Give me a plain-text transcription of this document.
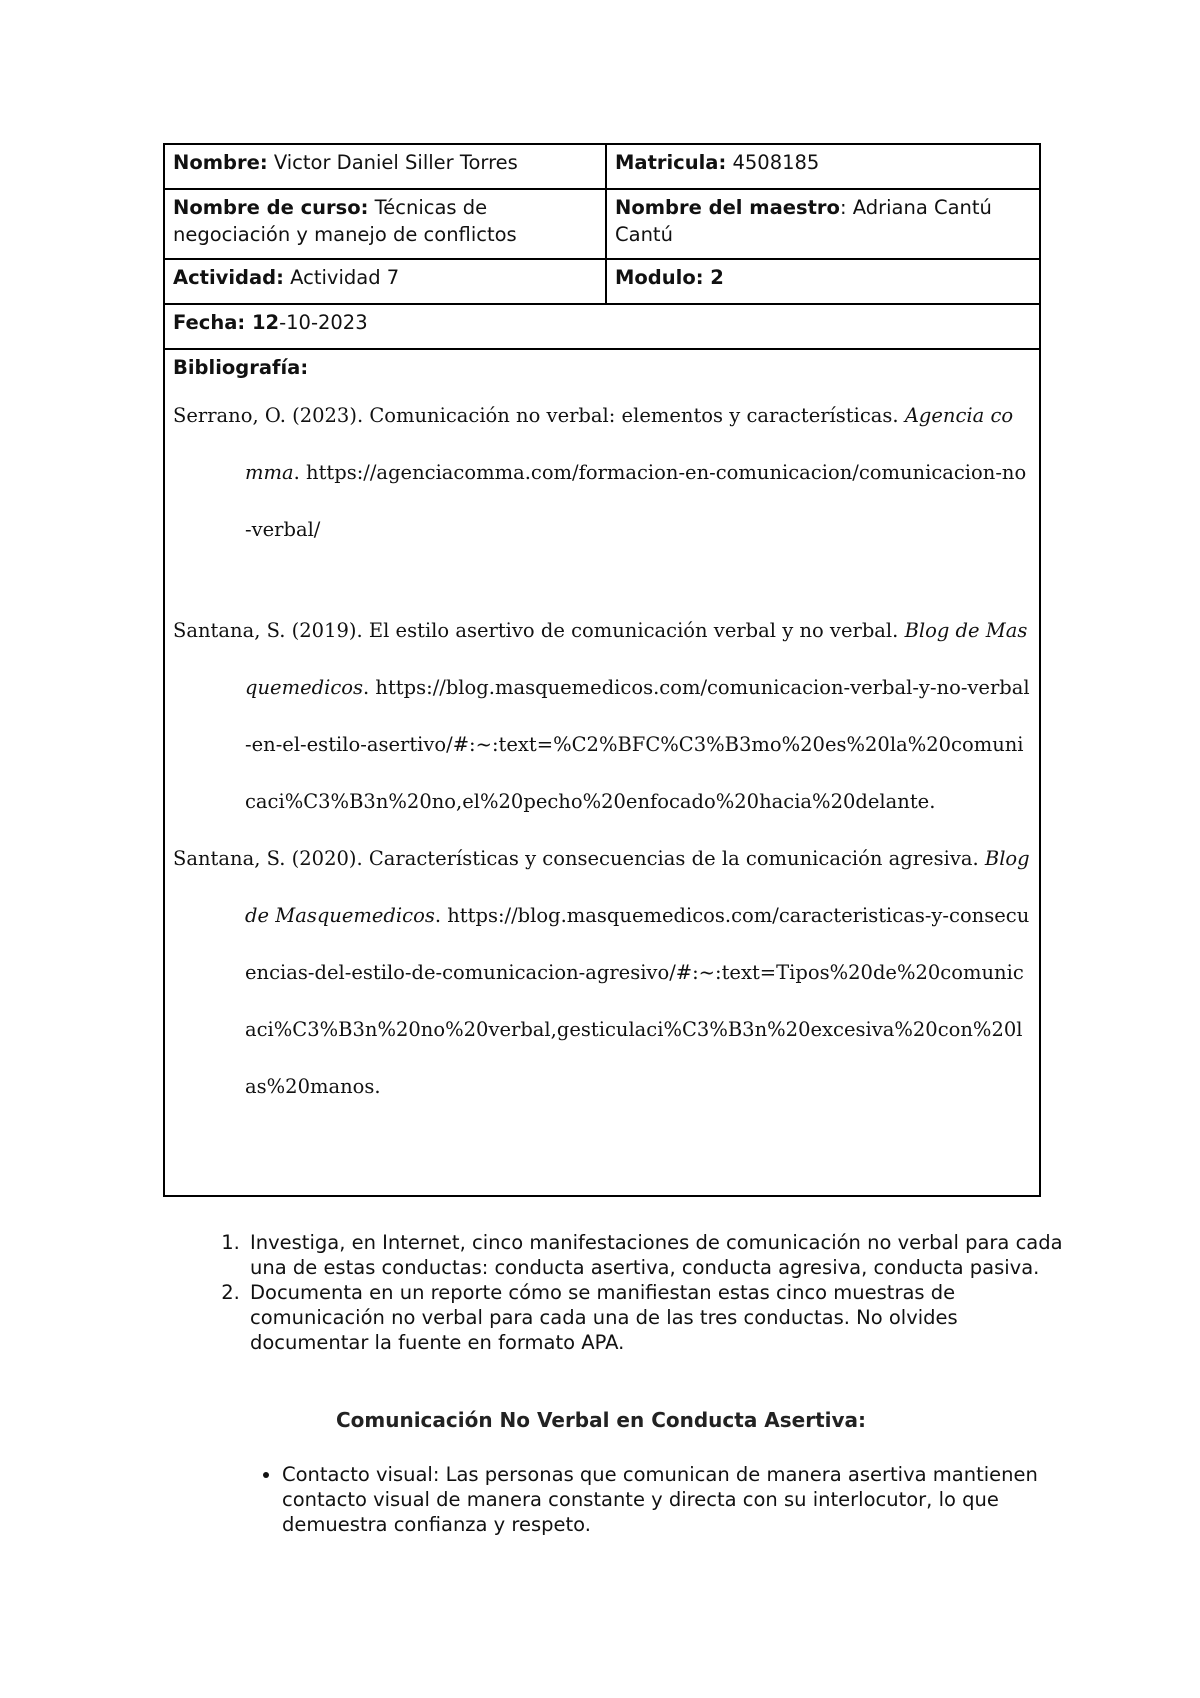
Nombre: Victor Daniel Siller Torres	Matricula: 4508185
Nombre de curso: Técnicas de negociación y manejo de conflictos	Nombre del maestro: Adriana Cantú Cantú
Actividad: Actividad 7	Modulo: 2
Fecha: 12-10-2023	

Bibliografía:

Serrano, O. (2023). Comunicación no verbal: elementos y características. Agencia comma. https://agenciacomma.com/formacion-en-comunicacion/comunicacion-no-verbal/

Santana, S. (2019). El estilo asertivo de comunicación verbal y no verbal. Blog de Masquemedicos. https://blog.masquemedicos.com/comunicacion-verbal-y-no-verbal-en-el-estilo-asertivo/#:~:text=%C2%BFC%C3%B3mo%20es%20la%20comunicaci%C3%B3n%20no,el%20pecho%20enfocado%20hacia%20delante.

Santana, S. (2020). Características y consecuencias de la comunicación agresiva. Blog de Masquemedicos. https://blog.masquemedicos.com/caracteristicas-y-consecuencias-del-estilo-de-comunicacion-agresivo/#:~:text=Tipos%20de%20comunicaci%C3%B3n%20no%20verbal,gesticulaci%C3%B3n%20excesiva%20con%20las%20manos.	

1. Investiga, en Internet, cinco manifestaciones de comunicación no verbal para cada una de estas conductas: conducta asertiva, conducta agresiva, conducta pasiva.
2. Documenta en un reporte cómo se manifiestan estas cinco muestras de comunicación no verbal para cada una de las tres conductas. No olvides documentar la fuente en formato APA.
Comunicación No Verbal en Conducta Asertiva:
• Contacto visual: Las personas que comunican de manera asertiva mantienen contacto visual de manera constante y directa con su interlocutor, lo que demuestra confianza y respeto.
